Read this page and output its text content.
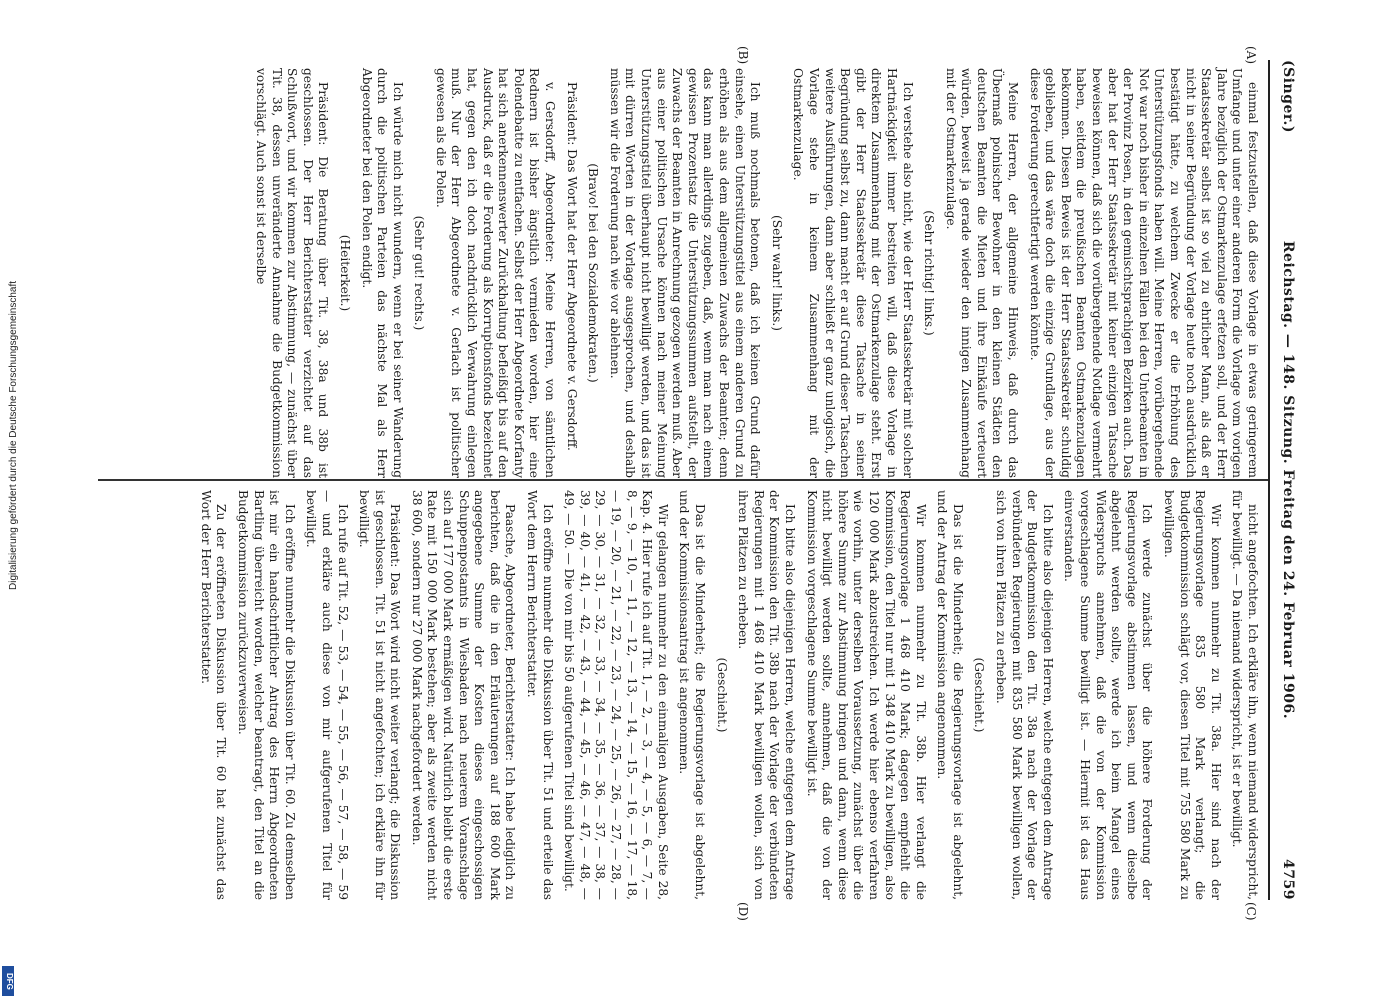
(Singer.)
Reichstag. — 148. Sitzung. Freitag den 24. Februar 1906.
4759
(A)
(B)
(C)
(D)

einmal festzustellen, daß diese Vorlage in etwas geringerem Umfange und unter einer anderen Form die Vorlage vom vorigen Jahre bezüglich der Ostmarkenzulage erfetzen soll, und der Herr Staatssekretär selbst ist so viel zu ehrlicher Mann, als daß er nicht in seiner Begründung der Vorlage heute noch ausdrücklich bestätigt hätte, zu welchem Zwecke er die Erhöhung des Unterstützungsfonds haben will. Meine Herren, vorübergehende Not war noch bisher in einzelnen Fällen bei den Unterbeamten in der Provinz Posen, in den gemischtsprachigen Bezirken auch. Das aber hat der Herr Staatssekretär mit keiner einzigen Tatsache beweisen können, daß sich die vorübergehende Notlage vermehrt haben, seitdem die preußischen Beamten Ostmarkenzulagen bekommen. Diesen Beweis ist der Herr Staatssekretär schuldig geblieben, und das wäre doch die einzige Grundlage, aus der diese Forderung gerechtfertigt werden könnte.

Meine Herren, der allgemeine Hinweis, daß durch das Übermaß polnischer Bewohner in den kleinen Städten den deutschen Beamten die Mieten und ihre Einkäufe verteuert würden, beweist ja gerade wieder den innigen Zusammenhang mit der Ostmarkenzulage.

(Sehr richtig! links.)

Ich verstehe also nicht, wie der Herr Staatssekretär mit solcher Hartnäckigkeit immer bestreiten will, daß diese Vorlage in direktem Zusammenhang mit der Ostmarkenzulage steht. Erst gibt der Herr Staatssekretär diese Tatsache in seiner Begründung selbst zu, dann macht er auf Grund dieser Tatsachen weitere Ausführungen, dann aber schließt er ganz unlogisch, die Vorlage stehe in keinem Zusammenhang mit der Ostmarkenzulage.

(Sehr wahr! links.)

Ich muß nochmals betonen, daß ich keinen Grund dafür einsehe, einen Unterstützungstitel aus einem anderen Grund zu erhöhen als aus dem allgemeinen Zuwachs der Beamten; denn das kann man allerdings zugeben, daß, wenn man nach einem gewissen Prozentsatz die Unterstützungssummen aufstellt, der Zuwachs der Beamten in Anrechnung gezogen werden muß. Aber aus einer politischen Ursache können nach meiner Meinung Unterstützungstitel überhaupt nicht bewilligt werden, und das ist mit dürren Worten in der Vorlage ausgesprochen, und deshalb müssen wir die Forderung nach wie vor ablehnen.

(Bravo! bei den Sozialdemokraten.)

Präsident: Das Wort hat der Herr Abgeordnete v. Gersdorff.

v. Gersdorff, Abgeordneter: Meine Herren, von sämtlichen Rednern ist bisher ängstlich vermieden worden, hier eine Polendebatte zu entfachen. Selbst der Herr Abgeordnete Korfanty hat sich anerkennenswerter Zurückhaltung befleißigt bis auf den Ausdruck, daß er die Forderung als Korruptionsfonds bezeichnet hat, gegen den ich doch nachdrücklich Verwahrung einlegen muß. Nur der Herr Abgeordnete v. Gerlach ist politischer gewesen als die Polen.

(Sehr gut! rechts.)

Ich würde mich nicht wundern, wenn er bei seiner Wanderung durch die politischen Parteien das nächste Mal als Herr Abgeordneter bei den Polen endigt.

(Heiterkeit.)

Präsident: Die Beratung über Tit. 38, 38a und 38b ist geschlossen. Der Herr Berichterstatter verzichtet auf das Schlußwort, und wir kommen zur Abstimmung, — zunächst über Tit. 38, dessen unveränderte Annahme die Budgetkommission vorschlägt. Auch sonst ist derselbe

nicht angefochten. Ich erkläre ihn, wenn niemand widerspricht, für bewilligt. — Da niemand widerspricht, ist er bewilligt.

Wir kommen nunmehr zu Tit. 38a. Hier sind nach der Regierungsvorlage 835 580 Mark verlangt; die Budgetkommission schlägt vor, diesen Titel mit 755 580 Mark zu bewilligen.

Ich werde zunächst über die höhere Forderung der Regierungsvorlage abstimmen lassen, und wenn dieselbe abgelehnt werden sollte, werde ich beim Mangel eines Widerspruchs annehmen, daß die von der Kommission vorgeschlagene Summe bewilligt ist. — Hiermit ist das Haus einverstanden.

Ich bitte also diejenigen Herren, welche entgegen dem Antrage der Budgetkommission den Tit. 38a nach der Vorlage der verbündeten Regierungen mit 835 580 Mark bewilligen wollen, sich von ihren Plätzen zu erheben.

(Geschieht.)

Das ist die Minderheit; die Regierungsvorlage ist abgelehnt, und der Antrag der Kommission angenommen.

Wir kommen nunmehr zu Tit. 38b. Hier verlangt die Regierungsvorlage 1 468 410 Mark; dagegen empfiehlt die Kommission, den Titel nur mit 1 348 410 Mark zu bewilligen, also 120 000 Mark abzustreichen. Ich werde hier ebenso verfahren wie vorhin, unter derselben Voraussetzung, zunächst über die höhere Summe zur Abstimmung bringen und dann, wenn diese nicht bewilligt werden sollte, annehmen, daß die von der Kommission vorgeschlagene Summe bewilligt ist.

Ich bitte also diejenigen Herren, welche entgegen dem Antrage der Kommission den Tit. 38b nach der Vorlage der verbündeten Regierungen mit 1 468 410 Mark bewilligen wollen, sich von ihren Plätzen zu erheben.

(Geschieht.)

Das ist die Minderheit; die Regierungsvorlage ist abgelehnt, und der Kommissionsantrag ist angenommen.

Wir gelangen nunmehr zu den einmaligen Ausgaben, Seite 28, Kap. 4. Hier rufe ich auf Tit. 1, — 2, — 3, — 4, — 5, — 6, — 7, — 8, — 9, — 10, — 11, — 12, — 13, — 14, — 15, — 16, — 17, — 18, — 19, — 20, — 21, — 22, — 23, — 24, — 25, — 26, — 27, — 28, — 29, — 30, — 31, — 32, — 33, — 34, — 35, — 36, — 37, — 38, — 39, — 40, — 41, — 42, — 43, — 44, — 45, — 46, — 47, — 48, — 49, — 50. — Die von mir bis 50 aufgerufenen Titel sind bewilligt.

Ich eröffne nunmehr die Diskussion über Tit. 51 und erteile das Wort dem Herrn Berichterstatter.

Paasche, Abgeordneter, Berichterstatter: Ich habe lediglich zu berichten, daß die in den Erläuterungen auf 188 600 Mark angegebene Summe der Kosten dieses eingeschossigen Schuppenpostamts in Wiesbaden nach neuerem Voranschlage sich auf 177 000 Mark ermäßigen wird. Natürlich bleibt die erste Rate mit 150 000 Mark bestehen; aber als zweite werden nicht 38 600, sondern nur 27 000 Mark nachgefordert werden.

Präsident: Das Wort wird nicht weiter verlangt; die Diskussion ist geschlossen. Tit. 51 ist nicht angefochten; ich erkläre ihn für bewilligt.

Ich rufe auf Tit. 52, — 53, — 54, — 55, — 56, — 57, — 58, — 59 — und erkläre auch diese von mir aufgerufenen Titel für bewilligt.

Ich eröffne nunmehr die Diskussion über Tit. 60. Zu demselben ist mir ein handschriftlicher Antrag des Herrn Abgeordneten Bartling überreicht worden, welcher beantragt, den Titel an die Budgetkommission zurückzuverweisen.

Zu der eröffneten Diskussion über Tit. 60 hat zunächst das Wort der Herr Berichterstatter.

Digitalisierung gefördert durch die Deutsche Forschungsgemeinschaft
DFG
